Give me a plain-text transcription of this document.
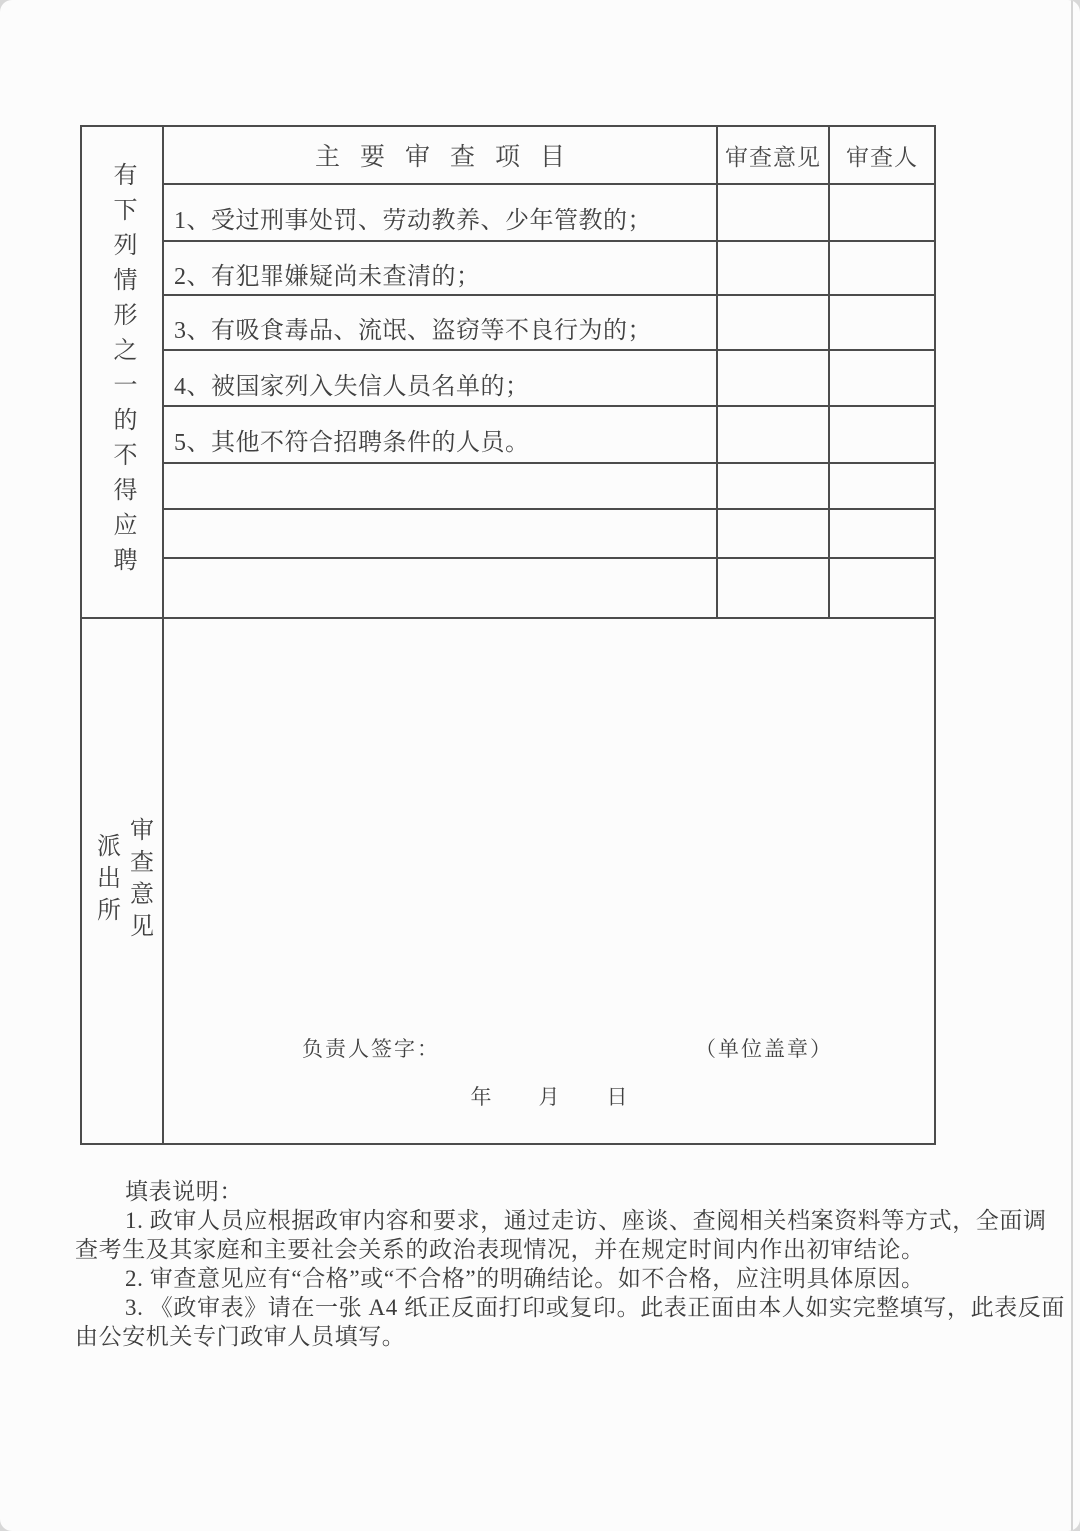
有下列情形之一的不得应聘
主要审查项目	审查意见	审查人
1、受过刑事处罚、劳动教养、少年管教的；
2、有犯罪嫌疑尚未查清的；
3、有吸食毒品、流氓、盗窃等不良行为的；
4、被国家列入失信人员名单的；
5、其他不符合招聘条件的人员。
派出所 审查意见
负责人签字：	（单位盖章）
年 月 日
填表说明：
1. 政审人员应根据政审内容和要求，通过走访、座谈、查阅相关档案资料等方式，全面调
查考生及其家庭和主要社会关系的政治表现情况，并在规定时间内作出初审结论。
2. 审查意见应有“合格”或“不合格”的明确结论。如不合格，应注明具体原因。
3. 《政审表》请在一张 A4 纸正反面打印或复印。此表正面由本人如实完整填写，此表反面
由公安机关专门政审人员填写。
